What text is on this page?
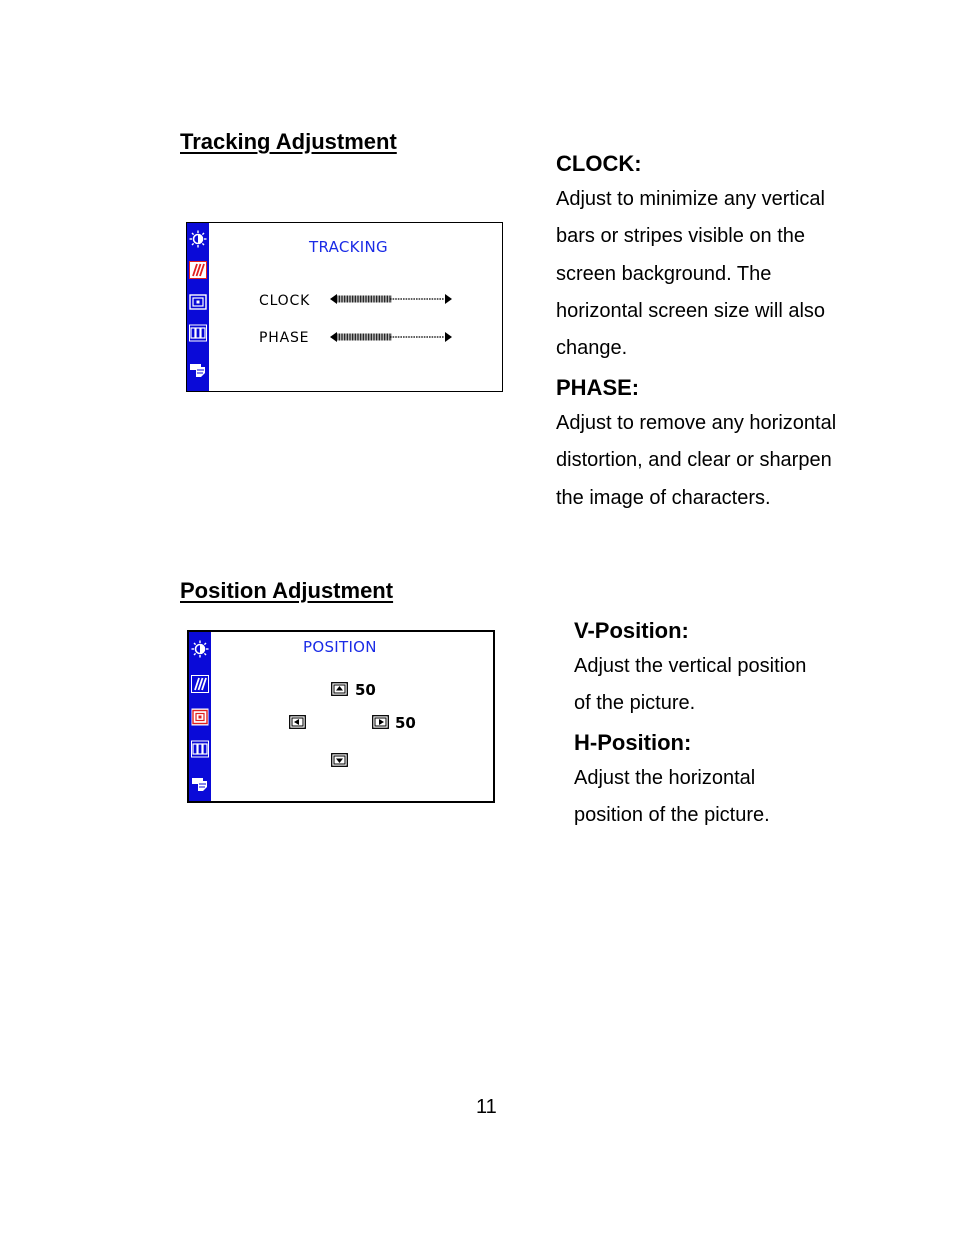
Tracking Adjustment
TRACKING
CLOCK
PHASE
CLOCK:
Adjust to minimize any vertical
bars or stripes visible on the
screen background. The
horizontal screen size will also
change.
PHASE:
Adjust to remove any horizontal
distortion, and clear or sharpen
the image of characters.
Position Adjustment
POSITION
50
50
V-Position:
Adjust the vertical position
of the picture.
H-Position:
Adjust the horizontal
position of the picture.
11
